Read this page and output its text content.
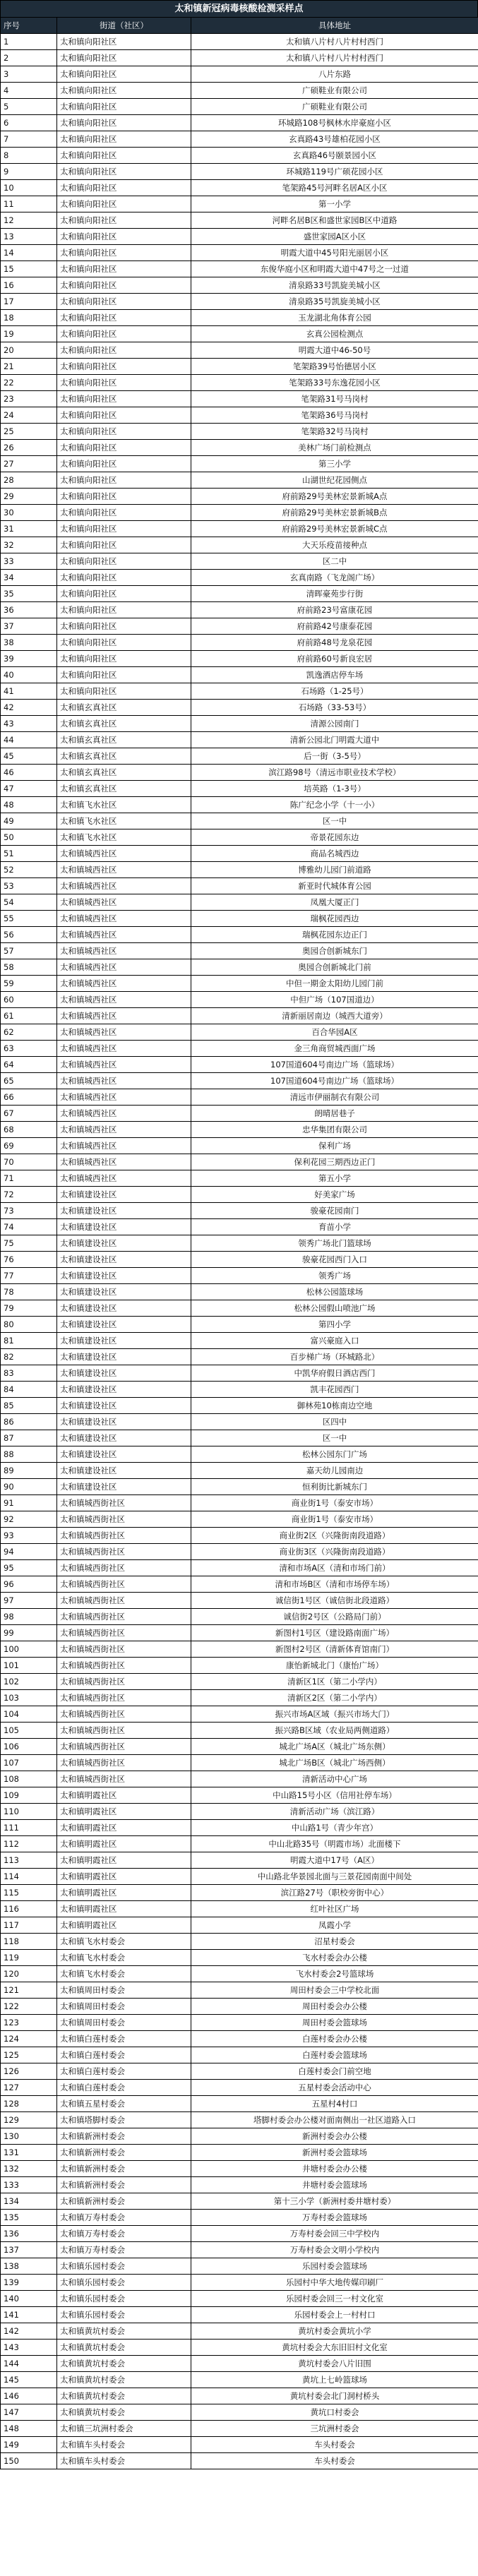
太和镇新冠病毒核酸检测采样点
序号	街道（社区）	具体地址
1	太和镇向阳社区	太和镇八片村八片村村西门
2	太和镇向阳社区	太和镇八片村八片村村西门
3	太和镇向阳社区	八片东路
4	太和镇向阳社区	广硕鞋业有限公司
5	太和镇向阳社区	广硕鞋业有限公司
6	太和镇向阳社区	环城路108号枫林水岸豪庭小区
7	太和镇向阳社区	玄真路43号雄柏花园小区
8	太和镇向阳社区	玄真路46号颐景园小区
9	太和镇向阳社区	环城路119号广硕花园小区
10	太和镇向阳社区	笔架路45号河畔名居A区小区
11	太和镇向阳社区	第一小学
12	太和镇向阳社区	河畔名居B区和盛世家园B区中道路
13	太和镇向阳社区	盛世家园A区小区
14	太和镇向阳社区	明霞大道中45号阳光丽居小区
15	太和镇向阳社区	东俊华庭小区和明霞大道中47号之一过道
16	太和镇向阳社区	清泉路33号凯旋美城小区
17	太和镇向阳社区	清泉路35号凯旋美城小区
18	太和镇向阳社区	玉龙湖北角体育公园
19	太和镇向阳社区	玄真公园检测点
20	太和镇向阳社区	明霞大道中46-50号
21	太和镇向阳社区	笔架路39号怡德居小区
22	太和镇向阳社区	笔架路33号东逸花园小区
23	太和镇向阳社区	笔架路31号马岗村
24	太和镇向阳社区	笔架路36号马岗村
25	太和镇向阳社区	笔架路32号马岗村
26	太和镇向阳社区	美林广场门前检测点
27	太和镇向阳社区	第三小学
28	太和镇向阳社区	山湖世纪花园侧点
29	太和镇向阳社区	府前路29号美林宏景新城A点
30	太和镇向阳社区	府前路29号美林宏景新城B点
31	太和镇向阳社区	府前路29号美林宏景新城C点
32	太和镇向阳社区	大天乐疫苗接种点
33	太和镇向阳社区	区二中
34	太和镇向阳社区	玄真南路（飞龙阁广场）
35	太和镇向阳社区	清晖豪苑步行街
36	太和镇向阳社区	府前路23号富康花园
37	太和镇向阳社区	府前路42号康泰花园
38	太和镇向阳社区	府前路48号龙泉花园
39	太和镇向阳社区	府前路60号新良宏居
40	太和镇向阳社区	凯逸酒店停车场
41	太和镇向阳社区	石场路（1-25号）
42	太和镇玄真社区	石场路（33-53号）
43	太和镇玄真社区	清源公园南门
44	太和镇玄真社区	清新公园北门明霞大道中
45	太和镇玄真社区	后一街（3-5号）
46	太和镇玄真社区	滨江路98号（清远市职业技术学校）
47	太和镇玄真社区	培英路（1-3号）
48	太和镇飞水社区	陈广纪念小学（十一小）
49	太和镇飞水社区	区一中
50	太和镇飞水社区	帝景花园东边
51	太和镇城西社区	商品名城西边
52	太和镇城西社区	博雅幼儿园门前道路
53	太和镇城西社区	新亚时代城体育公园
54	太和镇城西社区	凤凰大厦正门
55	太和镇城西社区	瑞枫花园西边
56	太和镇城西社区	瑞枫花园东边正门
57	太和镇城西社区	奥园合创新城东门
58	太和镇城西社区	奥园合创新城北门前
59	太和镇城西社区	中但一期金太阳幼儿园门前
60	太和镇城西社区	中但广场（107国道边）
61	太和镇城西社区	清新丽居南边（城西大道旁）
62	太和镇城西社区	百合华园A区
63	太和镇城西社区	金三角商贸城西面广场
64	太和镇城西社区	107国道604号南边广场（篮球场）
65	太和镇城西社区	107国道604号南边广场（篮球场）
66	太和镇城西社区	清远市伊丽制衣有限公司
67	太和镇城西社区	朗晴居巷子
68	太和镇城西社区	忠华集团有限公司
69	太和镇城西社区	保利广场
70	太和镇城西社区	保利花园三期西边正门
71	太和镇城西社区	第五小学
72	太和镇建设社区	好美家广场
73	太和镇建设社区	骏豪花园南门
74	太和镇建设社区	育苗小学
75	太和镇建设社区	领秀广场北门篮球场
76	太和镇建设社区	骏豪花园西门入口
77	太和镇建设社区	领秀广场
78	太和镇建设社区	松林公园篮球场
79	太和镇建设社区	松林公园假山喷池广场
80	太和镇建设社区	第四小学
81	太和镇建设社区	富兴豪庭入口
82	太和镇建设社区	百步梯广场（环城路北）
83	太和镇建设社区	中凯华府假日酒店西门
84	太和镇建设社区	凯丰花园西门
85	太和镇建设社区	御林苑10栋南边空地
86	太和镇建设社区	区四中
87	太和镇建设社区	区一中
88	太和镇建设社区	松林公园东门广场
89	太和镇建设社区	嘉天幼儿园南边
90	太和镇建设社区	恒利街比新城东门
91	太和镇城西街社区	商业街1号（泰安市场）
92	太和镇城西街社区	商业街1号（泰安市场）
93	太和镇城西街社区	商业街2区（兴隆街南段道路）
94	太和镇城西街社区	商业街3区（兴隆街南段道路）
95	太和镇城西街社区	清和市场A区（清和市场门前）
96	太和镇城西街社区	清和市场B区（清和市场停车场）
97	太和镇城西街社区	诚信街1号区（诚信街北段道路）
98	太和镇城西街社区	诚信街2号区（公路局门前）
99	太和镇城西街社区	新图村1号区（建设路南面广场）
100	太和镇城西街社区	新图村2号区（清新体育馆南门）
101	太和镇城西街社区	康怡新城北门（康怡广场）
102	太和镇城西街社区	清新区1区（第二小学内）
103	太和镇城西街社区	清新区2区（第二小学内）
104	太和镇城西街社区	振兴市场A区域（振兴市场大门）
105	太和镇城西街社区	振兴路B区域（农业局两侧道路）
106	太和镇城西街社区	城北广场A区（城北广场东侧）
107	太和镇城西街社区	城北广场B区（城北广场西侧）
108	太和镇城西街社区	清新活动中心广场
109	太和镇明霞社区	中山路15号小区（信用社停车场）
110	太和镇明霞社区	清新活动广场（滨江路）
111	太和镇明霞社区	中山路1号（青少年宫）
112	太和镇明霞社区	中山北路35号（明霞市场）北面楼下
113	太和镇明霞社区	明霞大道中17号（A区）
114	太和镇明霞社区	中山路北华景园北面与三景花园南面中间处
115	太和镇明霞社区	滨江路27号（职校旁街中心）
116	太和镇明霞社区	红叶社区广场
117	太和镇明霞社区	凤霞小学
118	太和镇飞水村委会	沼星村委会
119	太和镇飞水村委会	飞水村委会办公楼
120	太和镇飞水村委会	飞水村委会2号篮球场
121	太和镇周田村委会	周田村委会三中学校北面
122	太和镇周田村委会	周田村委会办公楼
123	太和镇周田村委会	周田村委会篮球场
124	太和镇白莲村委会	白莲村委会办公楼
125	太和镇白莲村委会	白莲村委会篮球场
126	太和镇白莲村委会	白莲村委会门前空地
127	太和镇白莲村委会	五星村委会活动中心
128	太和镇五星村委会	五星村4村口
129	太和镇塔脚村委会	塔脚村委会办公楼对面南侧出一社区道路入口
130	太和镇新洲村委会	新洲村委会办公楼
131	太和镇新洲村委会	新洲村委会篮球场
132	太和镇新洲村委会	井塘村委会办公楼
133	太和镇新洲村委会	井塘村委会篮球场
134	太和镇新洲村委会	第十三小学（新洲村委井塘村委）
135	太和镇万寿村委会	万寿村委会篮球场
136	太和镇万寿村委会	万寿村委会回三中学校内
137	太和镇万寿村委会	万寿村委会文明小学校内
138	太和镇乐园村委会	乐园村委会篮球场
139	太和镇乐园村委会	乐园村中华大地传媒印刷厂
140	太和镇乐园村委会	乐园村委会回三一村文化室
141	太和镇乐园村委会	乐园村委会上一村村口
142	太和镇黄坑村委会	黄坑村委会黄坑小学
143	太和镇黄坑村委会	黄坑村委会大东旧旧村文化室
144	太和镇黄坑村委会	黄坑村委会八片旧围
145	太和镇黄坑村委会	黄坑上七岭篮球场
146	太和镇黄坑村委会	黄坑村委会北门洞村桥头
147	太和镇黄坑村委会	黄坑口村委会
148	太和镇三坑洲村委会	三坑洲村委会
149	太和镇车头村委会	车头村委会
150	太和镇车头村委会	车头村委会
